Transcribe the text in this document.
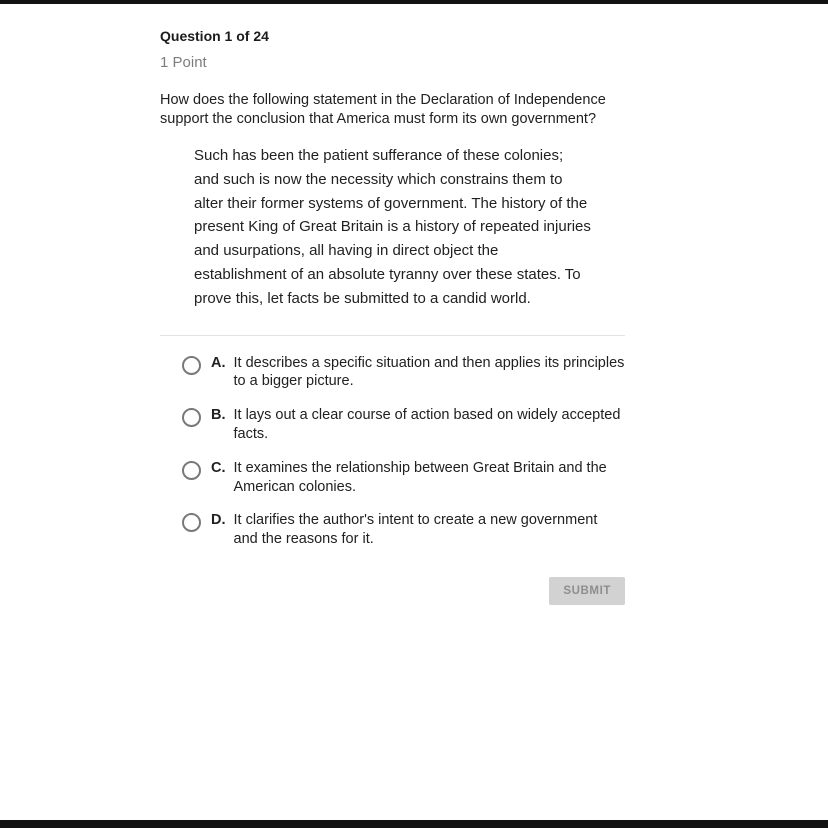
Question 1 of 24
1 Point
How does the following statement in the Declaration of Independence support the conclusion that America must form its own government?
Such has been the patient sufferance of these colonies; and such is now the necessity which constrains them to alter their former systems of government. The history of the present King of Great Britain is a history of repeated injuries and usurpations, all having in direct object the establishment of an absolute tyranny over these states. To prove this, let facts be submitted to a candid world.
A. It describes a specific situation and then applies its principles to a bigger picture.
B. It lays out a clear course of action based on widely accepted facts.
C. It examines the relationship between Great Britain and the American colonies.
D. It clarifies the author's intent to create a new government and the reasons for it.
SUBMIT
